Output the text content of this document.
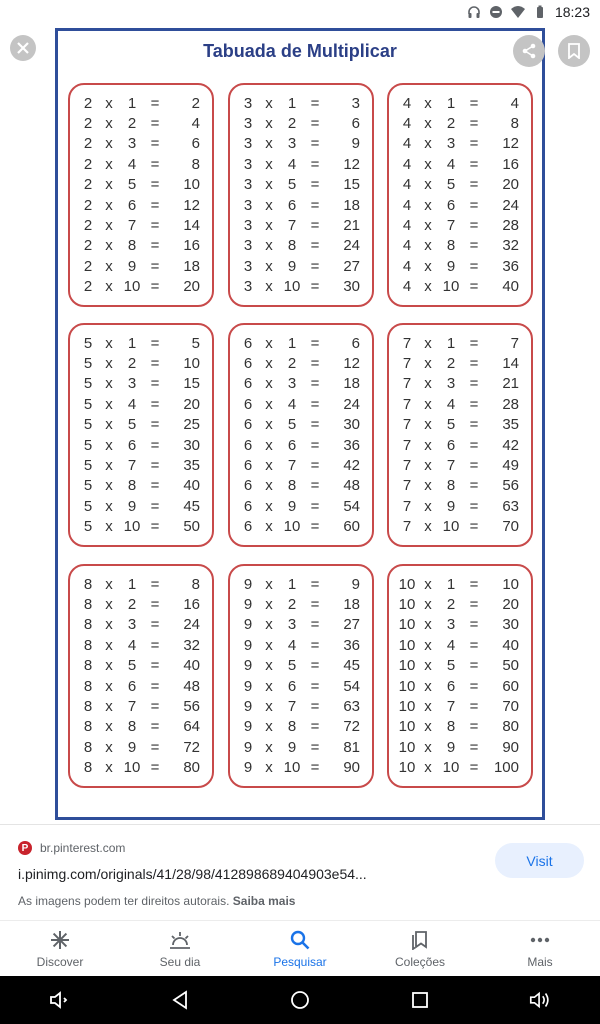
18:23
Tabuada de Multiplicar
2 x	1 =	2
2 x	2 =	4
2 x	3 =	6
2 x	4 =	8
2 x	5 =	10
2 x	6 =	12
2 x	7 =	14
2 x	8 =	16
2 x	9 =	18
2 x 10 =	20
3 x	1 =	3
3 x	2 =	6
3 x	3 =	9
3 x	4 =	12
3 x	5 =	15
3 x	6 =	18
3 x	7 =	21
3 x	8 =	24
3 x	9 =	27
3 x 10 =	30
4 x	1 =	4
4 x	2 =	8
4 x	3 =	12
4 x	4 =	16
4 x	5 =	20
4 x	6 =	24
4 x	7 =	28
4 x	8 =	32
4 x	9 =	36
4 x 10 =	40
5 x	1 =	5
5 x	2 =	10
5 x	3 =	15
5 x	4 =	20
5 x	5 =	25
5 x	6 =	30
5 x	7 =	35
5 x	8 =	40
5 x	9 =	45
5 x 10 =	50
6 x	1 =	6
6 x	2 =	12
6 x	3 =	18
6 x	4 =	24
6 x	5 =	30
6 x	6 =	36
6 x	7 =	42
6 x	8 =	48
6 x	9 =	54
6 x 10 =	60
7 x	1 =	7
7 x	2 =	14
7 x	3 =	21
7 x	4 =	28
7 x	5 =	35
7 x	6 =	42
7 x	7 =	49
7 x	8 =	56
7 x	9 =	63
7 x 10 =	70
8 x	1 =	8
8 x	2 =	16
8 x	3 =	24
8 x	4 =	32
8 x	5 =	40
8 x	6 =	48
8 x	7 =	56
8 x	8 =	64
8 x	9 =	72
8 x 10 =	80
9 x	1 =	9
9 x	2 =	18
9 x	3 =	27
9 x	4 =	36
9 x	5 =	45
9 x	6 =	54
9 x	7 =	63
9 x	8 =	72
9 x	9 =	81
9 x 10 =	90
10 x	1 =	10
10 x	2 =	20
10 x	3 =	30
10 x	4 =	40
10 x	5 =	50
10 x	6 =	60
10 x	7 =	70
10 x	8 =	80
10 x	9 =	90
10 x 10 =	100
P br.pinterest.com
i.pinimg.com/originals/41/28/98/412898689404903e54...
As imagens podem ter direitos autorais. Saiba mais
Visit
Discover	Seu dia	Pesquisar	Coleções	Mais
